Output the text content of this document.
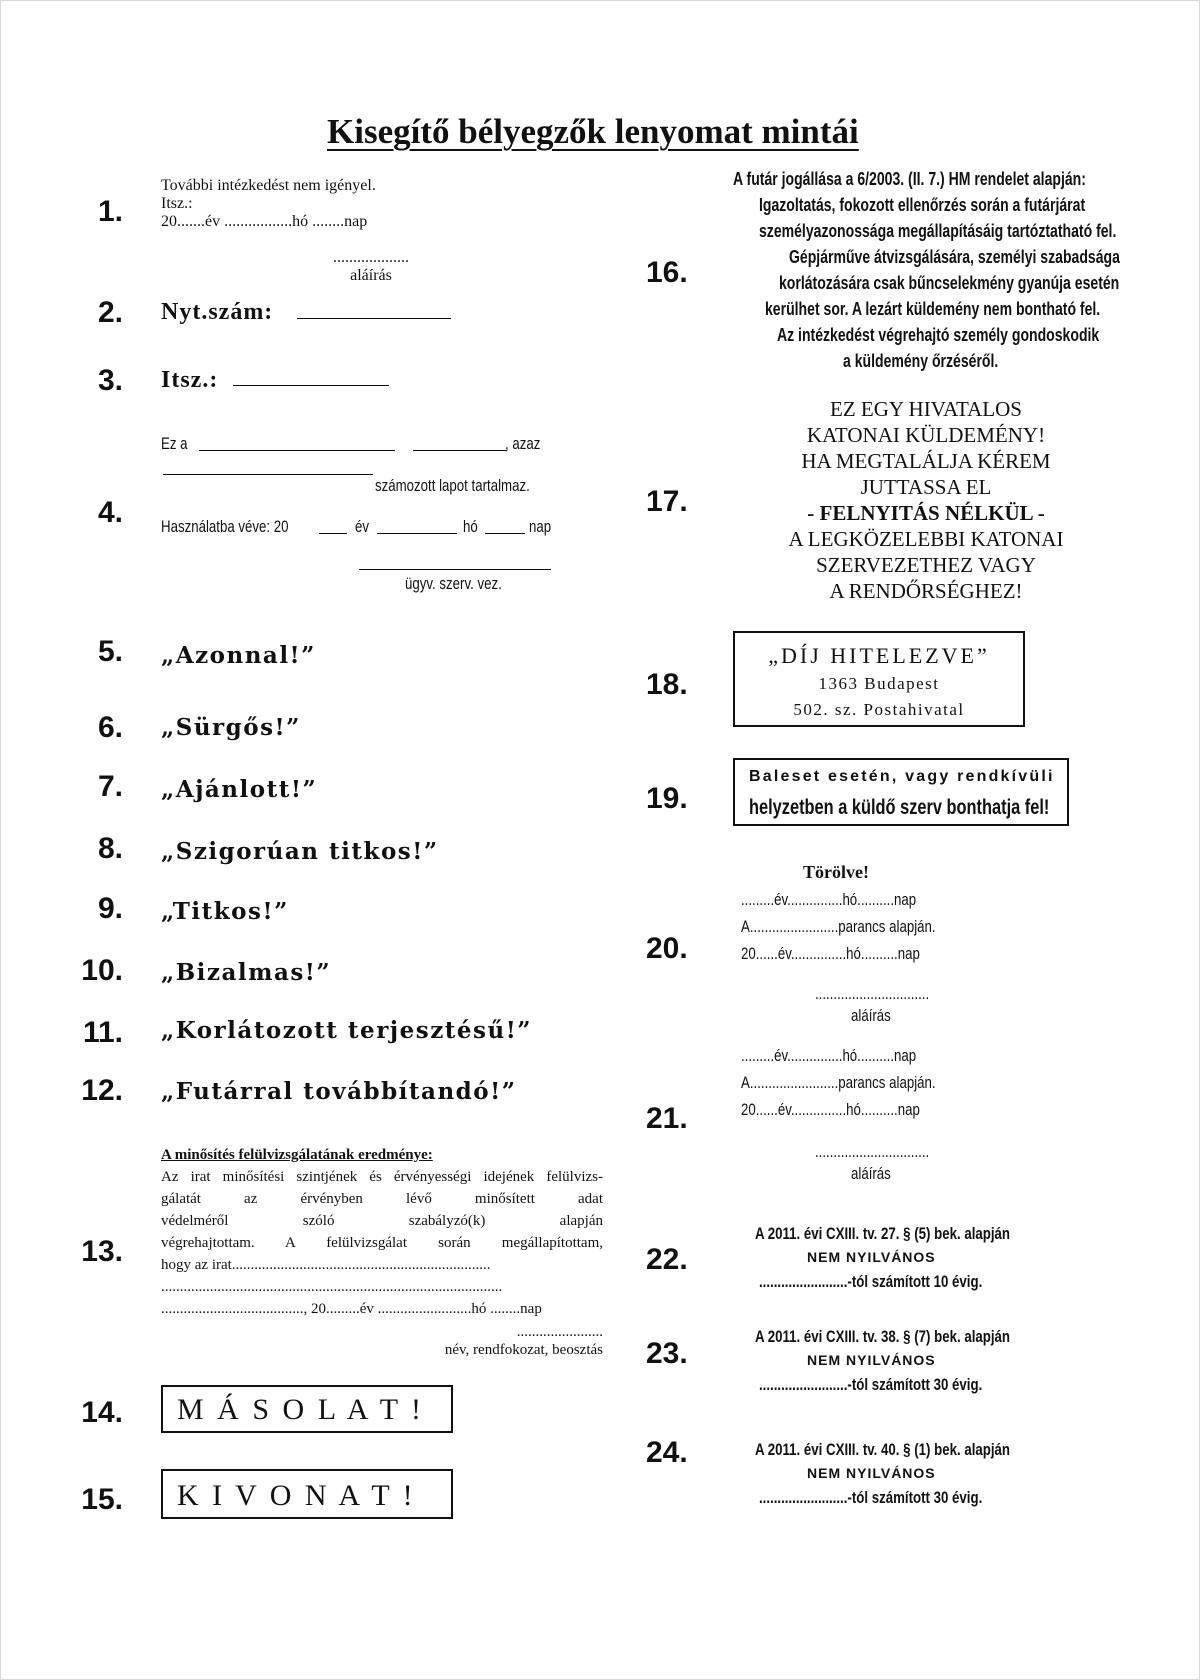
Kisegítő bélyegzők lenyomat mintái
1.
2.
3.
4.
5.
6.
7.
8.
9.
10.
11.
12.
13.
14.
15.
16.
17.
18.
19.
20.
21.
22.
23.
24.
További intézkedést nem igényel.
Itsz.:
20.......év .................hó ........nap
...................
aláírás
Nyt.szám:
Itsz.:
Ez a	, azaz
számozott lapot tartalmaz.
Használatba véve: 20	év	hó	nap
ügyv. szerv. vez.
„Azonnal!”
„Sürgős!”
„Ajánlott!”
„Szigorúan titkos!”
„Titkos!”
„Bizalmas!”
„Korlátozott terjesztésű!”
„Futárral továbbítandó!”
A minősítés felülvizsgálatának eredménye:
Az irat minősítési szintjének és érvényességi idejének felülvizs-
gálatát az érvényben lévő minősített adat
védelméről szóló szabályzó(k) alapján
végrehajtottam. A felülvizsgálat során megállapítottam,
hogy az irat.....................................................................
...........................................................................................
......................................, 20.........év .........................hó ........nap
.......................
név, rendfokozat, beosztás
M Á S O L A T !
K I V O N A T !
A futár jogállása a 6/2003. (II. 7.) HM rendelet alapján:
Igazoltatás, fokozott ellenőrzés során a futárjárat
személyazonossága megállapításáig tartóztatható fel.
Gépjárműve átvizsgálására, személyi szabadsága
korlátozására csak bűncselekmény gyanúja esetén
kerülhet sor. A lezárt küldemény nem bontható fel.
Az intézkedést végrehajtó személy gondoskodik
a küldemény őrzéséről.
EZ EGY HIVATALOS
KATONAI KÜLDEMÉNY!
HA MEGTALÁLJA KÉREM
JUTTASSA EL
- FELNYITÁS NÉLKÜL -
A LEGKÖZELEBBI KATONAI
SZERVEZETHEZ VAGY
A RENDŐRSÉGHEZ!
„DÍJ HITELEZVE”
1363 Budapest
502. sz. Postahivatal
Baleset esetén, vagy rendkívüli
helyzetben a küldő szerv bonthatja fel!
Törölve!
.........év...............hó..........nap
A........................parancs alapján.
20......év...............hó..........nap
...............................
aláírás
.........év...............hó..........nap
A........................parancs alapján.
20......év...............hó..........nap
...............................
aláírás
A 2011. évi CXIII. tv. 27. § (5) bek. alapján
NEM NYILVÁNOS
........................-tól számított 10 évig.
A 2011. évi CXIII. tv. 38. § (7) bek. alapján
NEM NYILVÁNOS
........................-tól számított 30 évig.
A 2011. évi CXIII. tv. 40. § (1) bek. alapján
NEM NYILVÁNOS
........................-tól számított 30 évig.
